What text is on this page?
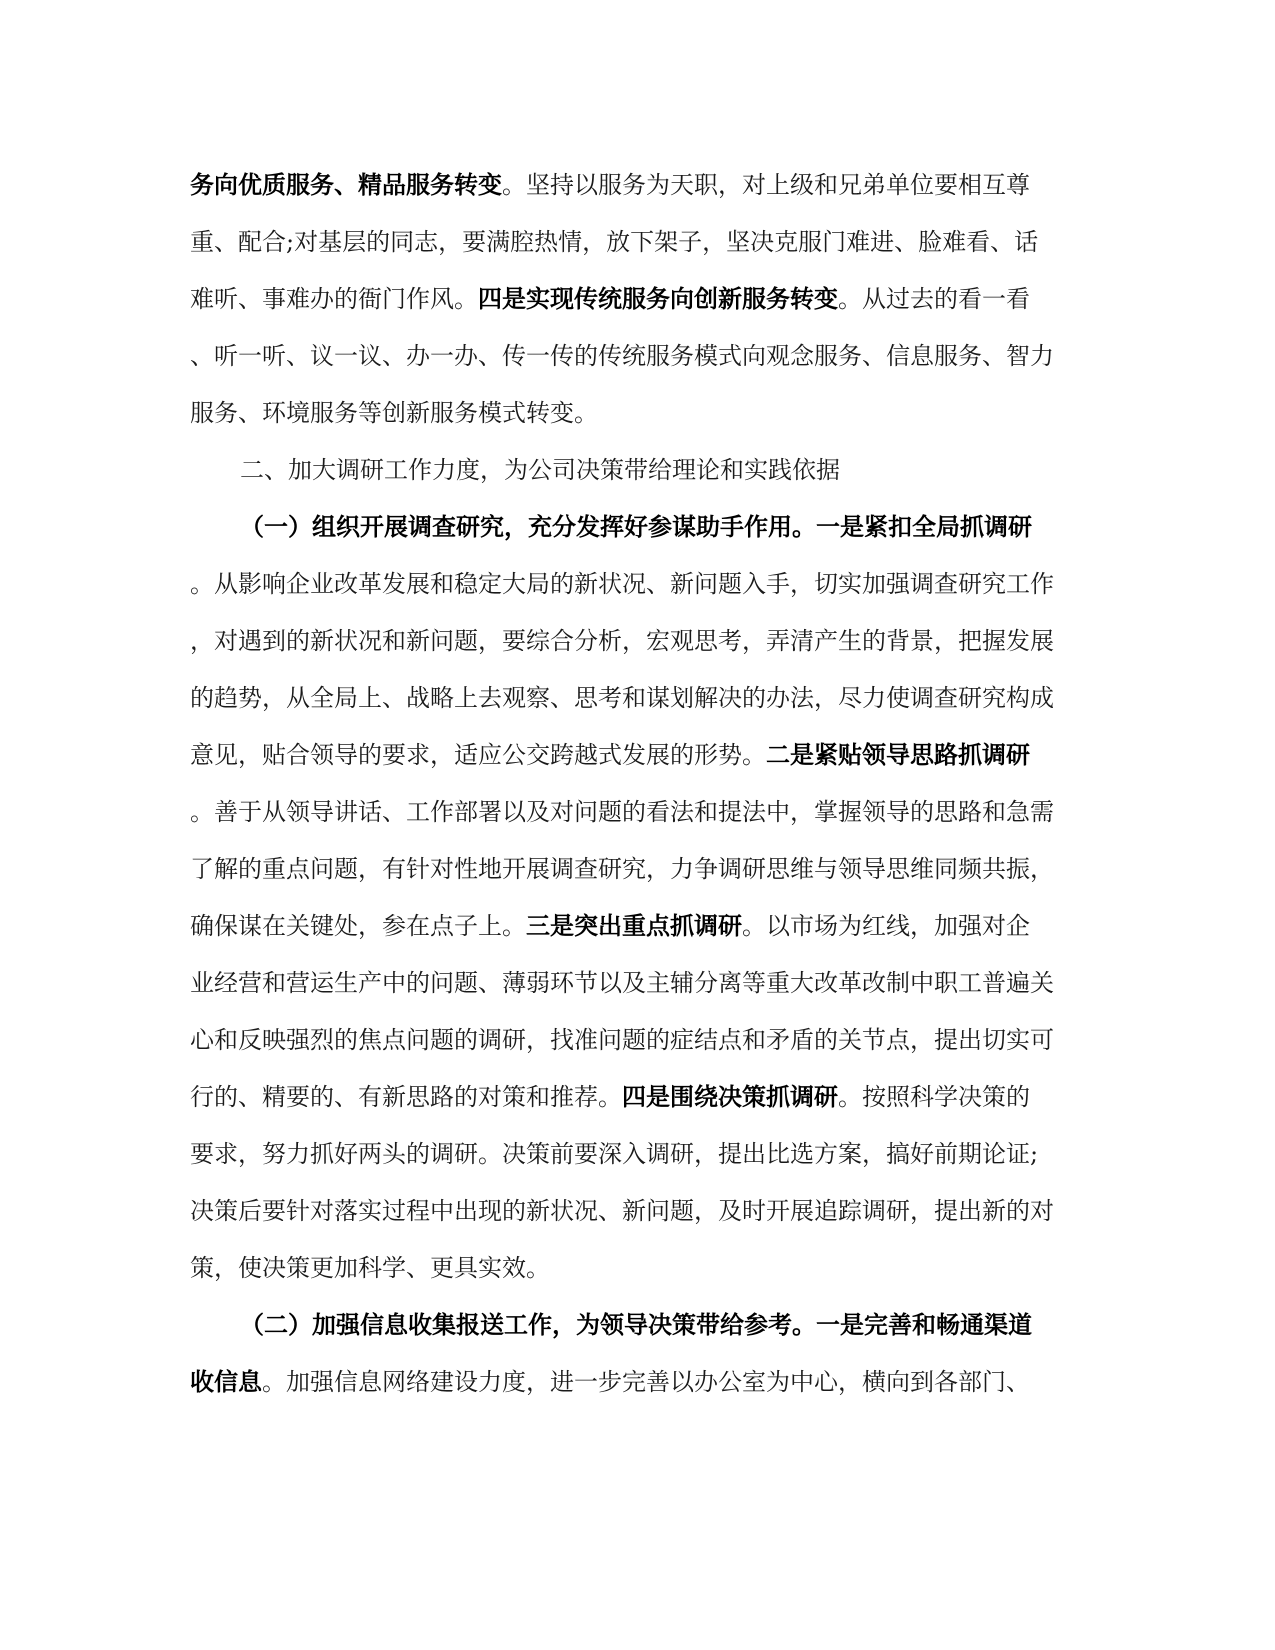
务向优质服务、精品服务转变。坚持以服务为天职，对上级和兄弟单位要相互尊
重、配合;对基层的同志，要满腔热情，放下架子，坚决克服门难进、脸难看、话
难听、事难办的衙门作风。四是实现传统服务向创新服务转变。从过去的看一看
、听一听、议一议、办一办、传一传的传统服务模式向观念服务、信息服务、智力
服务、环境服务等创新服务模式转变。
二、加大调研工作力度，为公司决策带给理论和实践依据
（一）组织开展调查研究，充分发挥好参谋助手作用。一是紧扣全局抓调研
。从影响企业改革发展和稳定大局的新状况、新问题入手，切实加强调查研究工作
，对遇到的新状况和新问题，要综合分析，宏观思考，弄清产生的背景，把握发展
的趋势，从全局上、战略上去观察、思考和谋划解决的办法，尽力使调查研究构成
意见，贴合领导的要求，适应公交跨越式发展的形势。二是紧贴领导思路抓调研
。善于从领导讲话、工作部署以及对问题的看法和提法中，掌握领导的思路和急需
了解的重点问题，有针对性地开展调查研究，力争调研思维与领导思维同频共振，
确保谋在关键处，参在点子上。三是突出重点抓调研。以市场为红线，加强对企
业经营和营运生产中的问题、薄弱环节以及主辅分离等重大改革改制中职工普遍关
心和反映强烈的焦点问题的调研，找准问题的症结点和矛盾的关节点，提出切实可
行的、精要的、有新思路的对策和推荐。四是围绕决策抓调研。按照科学决策的
要求，努力抓好两头的调研。决策前要深入调研，提出比选方案，搞好前期论证;
决策后要针对落实过程中出现的新状况、新问题，及时开展追踪调研，提出新的对
策，使决策更加科学、更具实效。
（二）加强信息收集报送工作，为领导决策带给参考。一是完善和畅通渠道
收信息。加强信息网络建设力度，进一步完善以办公室为中心，横向到各部门、
